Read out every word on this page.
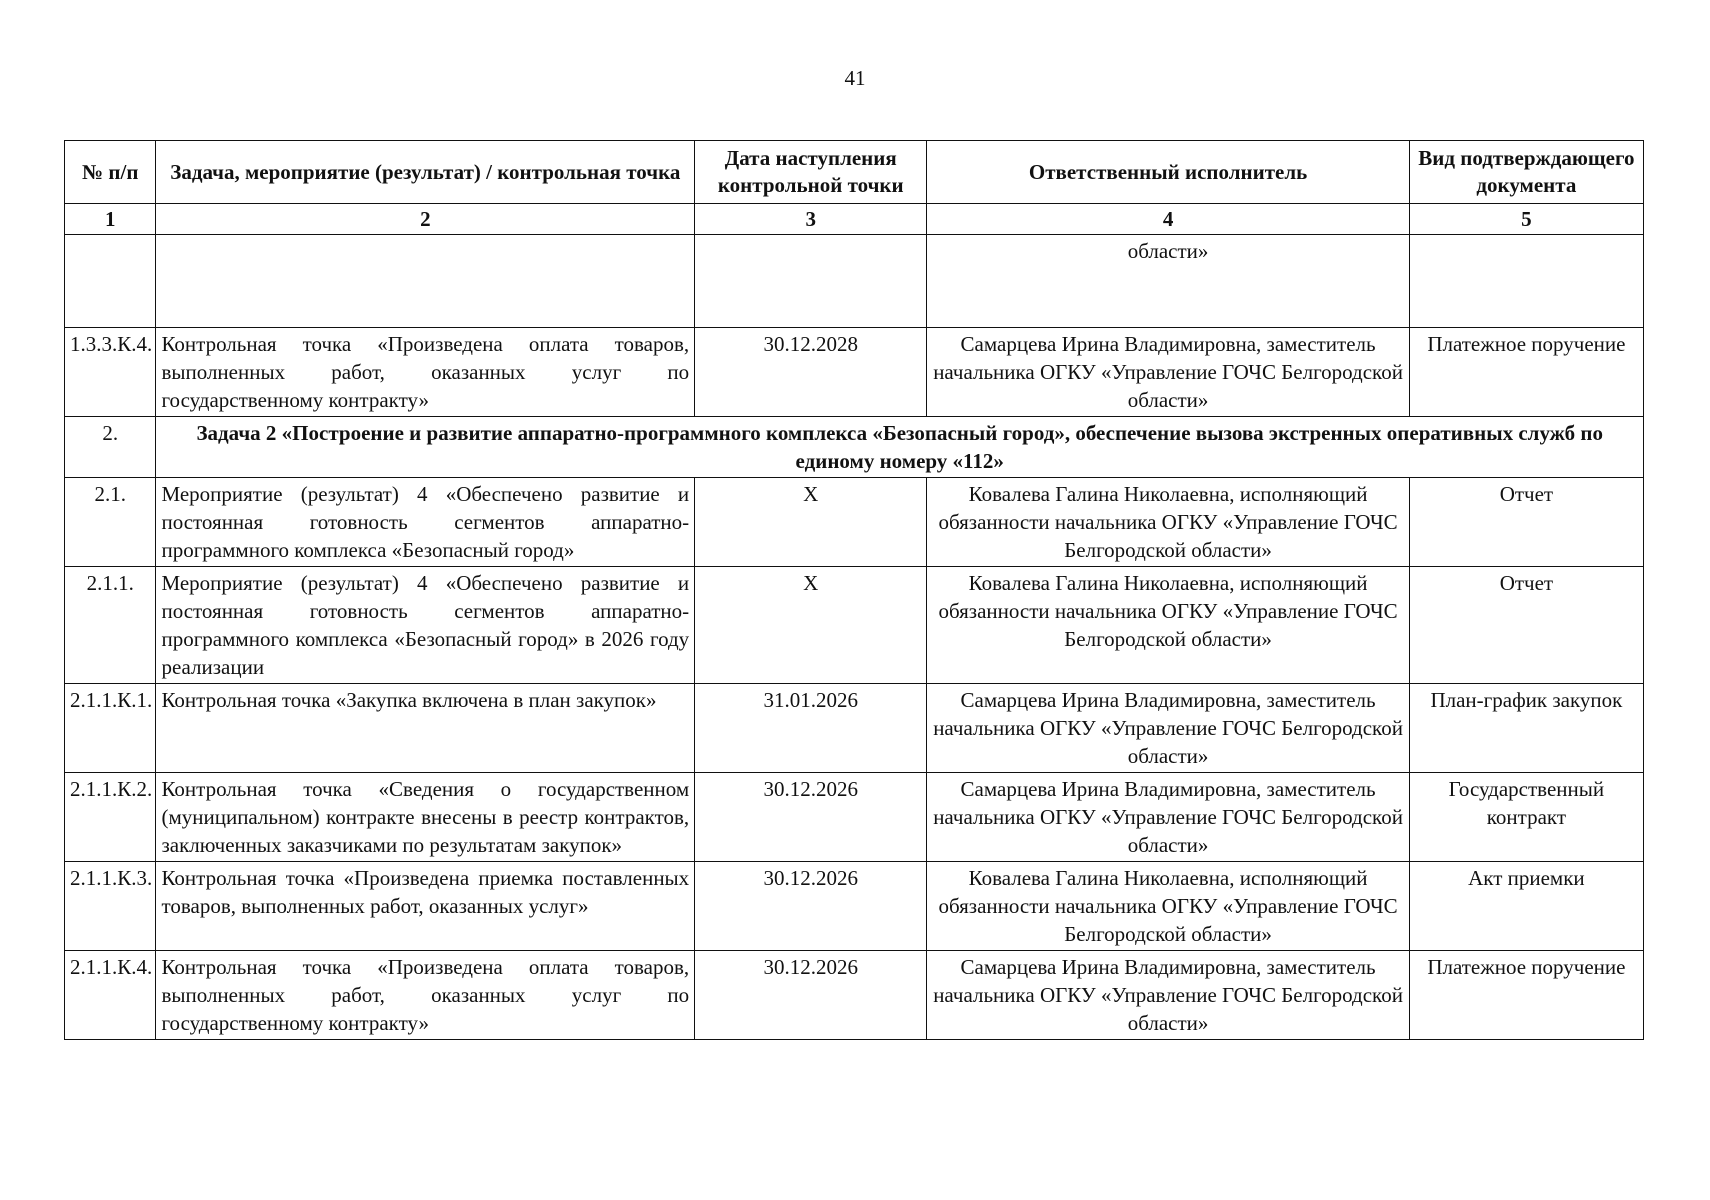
41
№ п/п	Задача, мероприятие (результат) / контрольная точка	Дата наступления контрольной точки	Ответственный исполнитель	Вид подтверждающего документа
1	2	3	4	5
			области»	
1.3.3.К.4.	Контрольная точка «Произведена оплата товаров, выполненных работ, оказанных услуг по государственному контракту»	30.12.2028	Самарцева Ирина Владимировна, заместитель начальника ОГКУ «Управление ГОЧС Белгородской области»	Платежное поручение
2.	Задача 2 «Построение и развитие аппаратно-программного комплекса «Безопасный город», обеспечение вызова экстренных оперативных служб по единому номеру «112»			
2.1.	Мероприятие (результат) 4 «Обеспечено развитие и постоянная готовность сегментов аппаратно-программного комплекса «Безопасный город»	Х	Ковалева Галина Николаевна, исполняющий обязанности начальника ОГКУ «Управление ГОЧС Белгородской области»	Отчет
2.1.1.	Мероприятие (результат) 4 «Обеспечено развитие и постоянная готовность сегментов аппаратно-программного комплекса «Безопасный город» в 2026 году реализации	Х	Ковалева Галина Николаевна, исполняющий обязанности начальника ОГКУ «Управление ГОЧС Белгородской области»	Отчет
2.1.1.К.1.	Контрольная точка «Закупка включена в план закупок»	31.01.2026	Самарцева Ирина Владимировна, заместитель начальника ОГКУ «Управление ГОЧС Белгородской области»	План-график закупок
2.1.1.К.2.	Контрольная точка «Сведения о государственном (муниципальном) контракте внесены в реестр контрактов, заключенных заказчиками по результатам закупок»	30.12.2026	Самарцева Ирина Владимировна, заместитель начальника ОГКУ «Управление ГОЧС Белгородской области»	Государственный контракт
2.1.1.К.3.	Контрольная точка «Произведена приемка поставленных товаров, выполненных работ, оказанных услуг»	30.12.2026	Ковалева Галина Николаевна, исполняющий обязанности начальника ОГКУ «Управление ГОЧС Белгородской области»	Акт приемки
2.1.1.К.4.	Контрольная точка «Произведена оплата товаров, выполненных работ, оказанных услуг по государственному контракту»	30.12.2026	Самарцева Ирина Владимировна, заместитель начальника ОГКУ «Управление ГОЧС Белгородской области»	Платежное поручение
